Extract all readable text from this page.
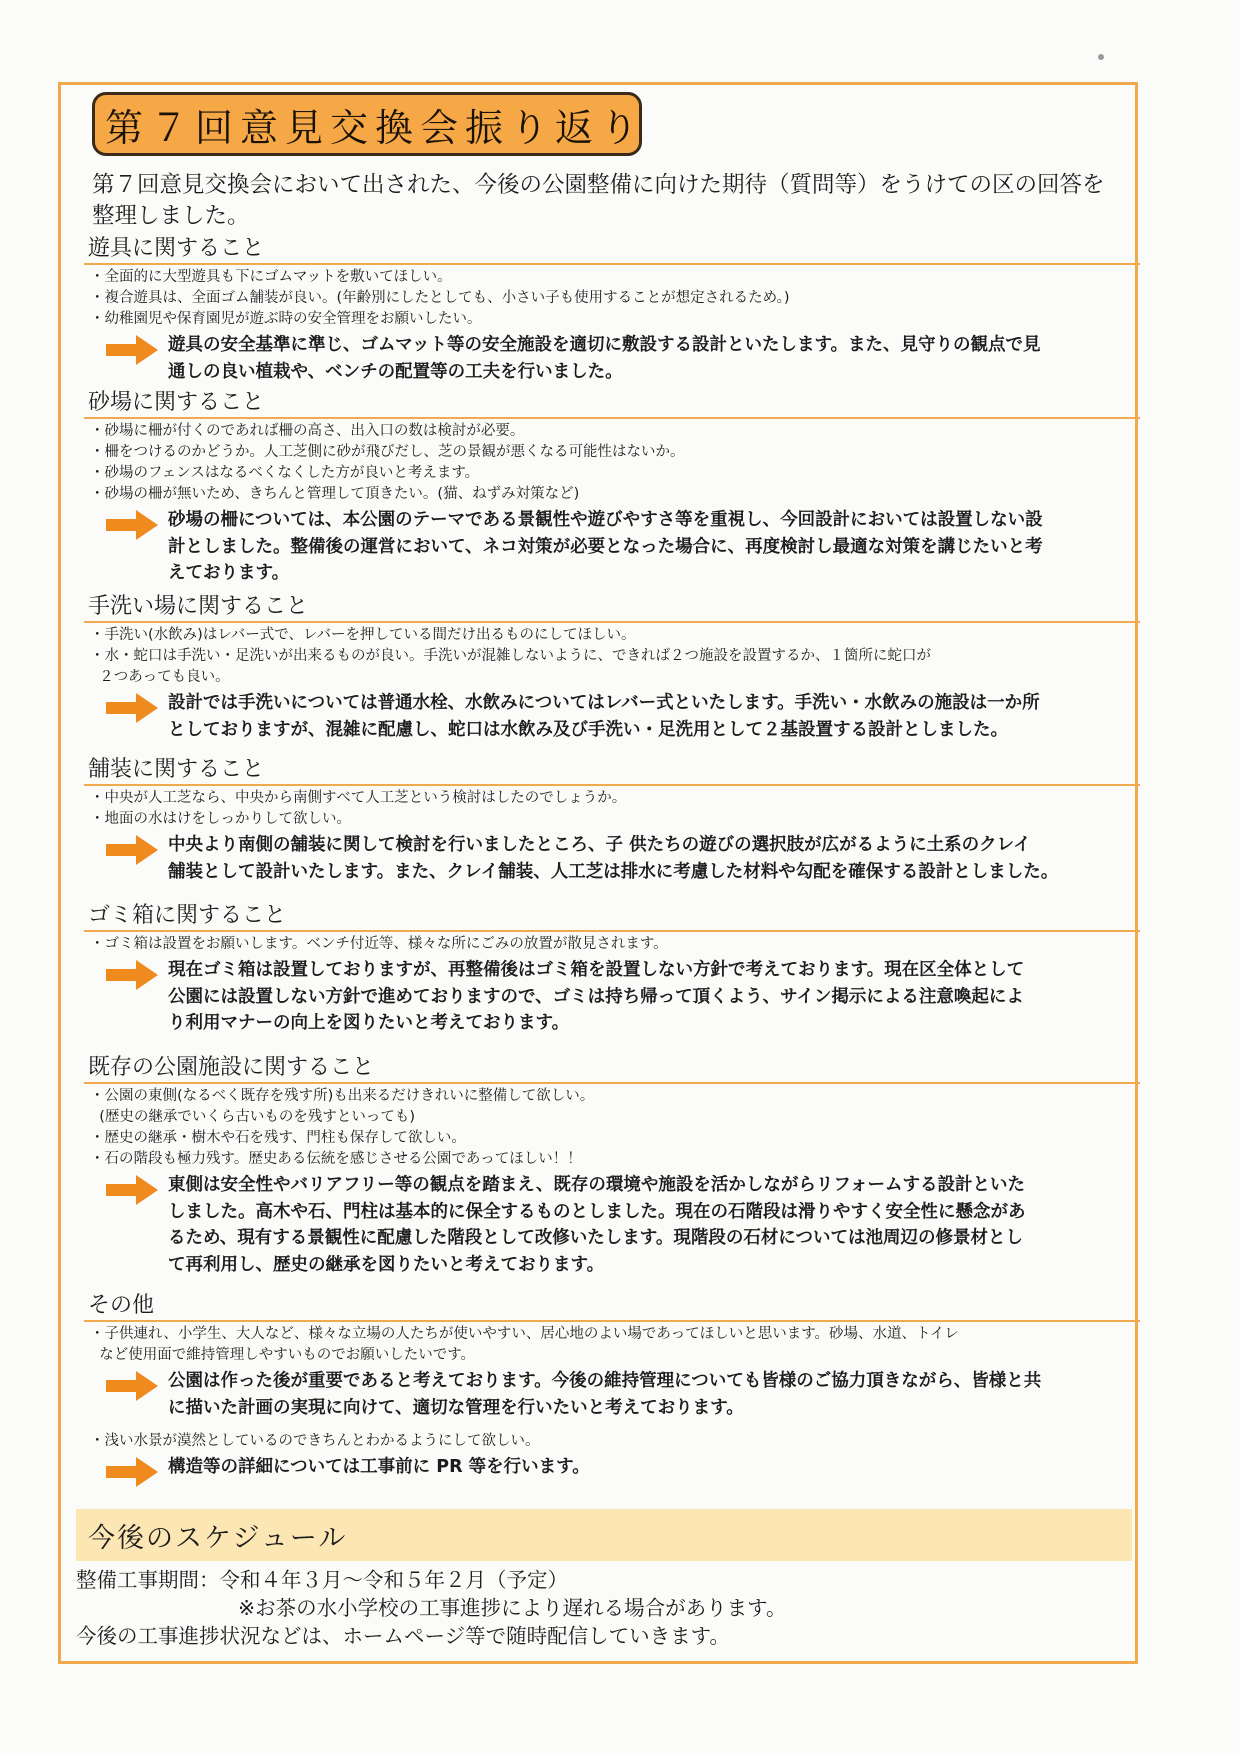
第７回意見交換会振り返り
第７回意見交換会において出された、今後の公園整備に向けた期待（質問等）をうけての区の回答を
整理しました。
遊具に関すること
・全面的に大型遊具も下にゴムマットを敷いてほしい。
・複合遊具は、全面ゴム舗装が良い。(年齢別にしたとしても、小さい子も使用することが想定されるため。)
・幼稚園児や保育園児が遊ぶ時の安全管理をお願いしたい。
遊具の安全基準に準じ、ゴムマット等の安全施設を適切に敷設する設計といたします。また、見守りの観点で見
通しの良い植栽や、ベンチの配置等の工夫を行いました。
砂場に関すること
・砂場に柵が付くのであれば柵の高さ、出入口の数は検討が必要。
・柵をつけるのかどうか。人工芝側に砂が飛びだし、芝の景観が悪くなる可能性はないか。
・砂場のフェンスはなるべくなくした方が良いと考えます。
・砂場の柵が無いため、きちんと管理して頂きたい。(猫、ねずみ対策など)
砂場の柵については、本公園のテーマである景観性や遊びやすさ等を重視し、今回設計においては設置しない設
計としました。整備後の運営において、ネコ対策が必要となった場合に、再度検討し最適な対策を講じたいと考
えております。
手洗い場に関すること
・手洗い(水飲み)はレバー式で、レバーを押している間だけ出るものにしてほしい。
・水・蛇口は手洗い・足洗いが出来るものが良い。手洗いが混雑しないように、できれば２つ施設を設置するか、１箇所に蛇口が
２つあっても良い。
設計では手洗いについては普通水栓、水飲みについてはレバー式といたします。手洗い・水飲みの施設は一か所
としておりますが、混雑に配慮し、蛇口は水飲み及び手洗い・足洗用として２基設置する設計としました。
舗装に関すること
・中央が人工芝なら、中央から南側すべて人工芝という検討はしたのでしょうか。
・地面の水はけをしっかりして欲しい。
中央より南側の舗装に関して検討を行いましたところ、子 供たちの遊びの選択肢が広がるように土系のクレイ
舗装として設計いたします。また、クレイ舗装、人工芝は排水に考慮した材料や勾配を確保する設計としました。
ゴミ箱に関すること
・ゴミ箱は設置をお願いします。ベンチ付近等、様々な所にごみの放置が散見されます。
現在ゴミ箱は設置しておりますが、再整備後はゴミ箱を設置しない方針で考えております。現在区全体として
公園には設置しない方針で進めておりますので、ゴミは持ち帰って頂くよう、サイン掲示による注意喚起によ
り利用マナーの向上を図りたいと考えております。
既存の公園施設に関すること
・公園の東側(なるべく既存を残す所)も出来るだけきれいに整備して欲しい。
(歴史の継承でいくら古いものを残すといっても)
・歴史の継承・樹木や石を残す、門柱も保存して欲しい。
・石の階段も極力残す。歴史ある伝統を感じさせる公園であってほしい！！
東側は安全性やバリアフリー等の観点を踏まえ、既存の環境や施設を活かしながらリフォームする設計といた
しました。高木や石、門柱は基本的に保全するものとしました。現在の石階段は滑りやすく安全性に懸念があ
るため、現有する景観性に配慮した階段として改修いたします。現階段の石材については池周辺の修景材とし
て再利用し、歴史の継承を図りたいと考えております。
その他
・子供連れ、小学生、大人など、様々な立場の人たちが使いやすい、居心地のよい場であってほしいと思います。砂場、水道、トイレ
など使用面で維持管理しやすいものでお願いしたいです。
公園は作った後が重要であると考えております。今後の維持管理についても皆様のご協力頂きながら、皆様と共
に描いた計画の実現に向けて、適切な管理を行いたいと考えております。
・浅い水景が漠然としているのできちんとわかるようにして欲しい。
構造等の詳細については工事前に PR 等を行います。
今後のスケジュール
整備工事期間：令和４年３月～令和５年２月（予定）
※お茶の水小学校の工事進捗により遅れる場合があります。
今後の工事進捗状況などは、ホームページ等で随時配信していきます。
